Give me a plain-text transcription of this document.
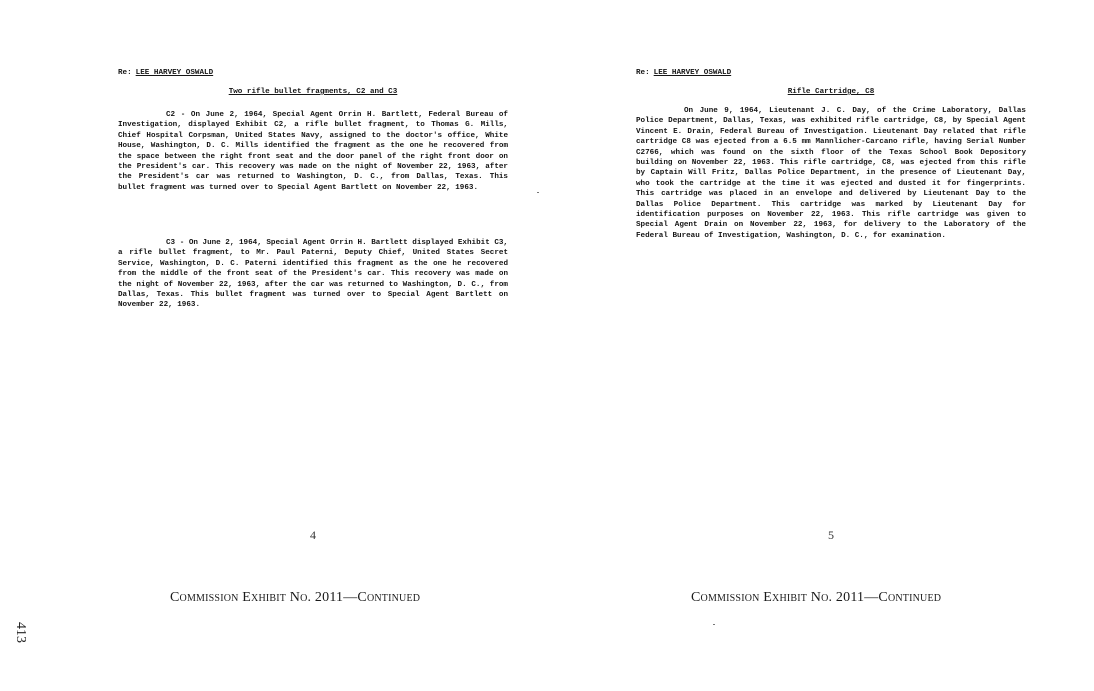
Re: LEE HARVEY OSWALD
Two rifle bullet fragments, C2 and C3

C2 - On June 2, 1964, Special Agent Orrin H. Bartlett, Federal Bureau of Investigation, displayed Exhibit C2, a rifle bullet fragment, to Thomas G. Mills, Chief Hospital Corpsman, United States Navy, assigned to the doctor's office, White House, Washington, D. C. Mills identified the fragment as the one he recovered from the space between the right front seat and the door panel of the right front door on the President's car. This recovery was made on the night of November 22, 1963, after the President's car was returned to Washington, D. C., from Dallas, Texas. This bullet fragment was turned over to Special Agent Bartlett on November 22, 1963.

C3 - On June 2, 1964, Special Agent Orrin H. Bartlett displayed Exhibit C3, a rifle bullet fragment, to Mr. Paul Paterni, Deputy Chief, United States Secret Service, Washington, D. C. Paterni identified this fragment as the one he recovered from the middle of the front seat of the President's car. This recovery was made on the night of November 22, 1963, after the car was returned to Washington, D. C., from Dallas, Texas. This bullet fragment was turned over to Special Agent Bartlett on November 22, 1963.

4
Re: LEE HARVEY OSWALD
Rifle Cartridge, C8

On June 9, 1964, Lieutenant J. C. Day, of the Crime Laboratory, Dallas Police Department, Dallas, Texas, was exhibited rifle cartridge, C8, by Special Agent Vincent E. Drain, Federal Bureau of Investigation. Lieutenant Day related that rifle cartridge C8 was ejected from a 6.5 mm Mannlicher-Carcano rifle, having Serial Number C2766, which was found on the sixth floor of the Texas School Book Depository building on November 22, 1963. This rifle cartridge, C8, was ejected from this rifle by Captain Will Fritz, Dallas Police Department, in the presence of Lieutenant Day, who took the cartridge at the time it was ejected and dusted it for fingerprints. This cartridge was placed in an envelope and delivered by Lieutenant Day to the Dallas Police Department. This cartridge was marked by Lieutenant Day for identification purposes on November 22, 1963. This rifle cartridge was given to Special Agent Drain on November 22, 1963, for delivery to the Laboratory of the Federal Bureau of Investigation, Washington, D. C., for examination.

5
Commission Exhibit No. 2011—Continued	Commission Exhibit No. 2011—Continued
413
